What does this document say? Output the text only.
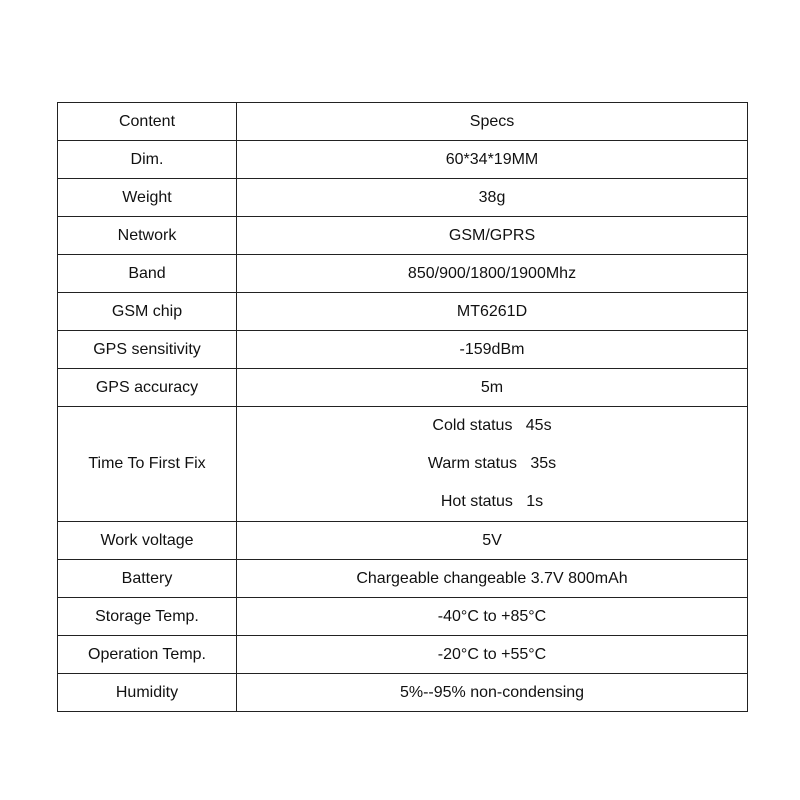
Content	Specs
Dim.	60*34*19MM
Weight	38g
Network	GSM/GPRS
Band	850/900/1800/1900Mhz
GSM chip	MT6261D
GPS sensitivity	-159dBm
GPS accuracy	5m
Time To First Fix	Cold status   45s
Warm status   35s
Hot status   1s

Work voltage	5V
Battery	Chargeable changeable 3.7V 800mAh
Storage Temp.	-40°C to +85°C
Operation Temp.	-20°C to +55°C
Humidity	5%--95% non-condensing
